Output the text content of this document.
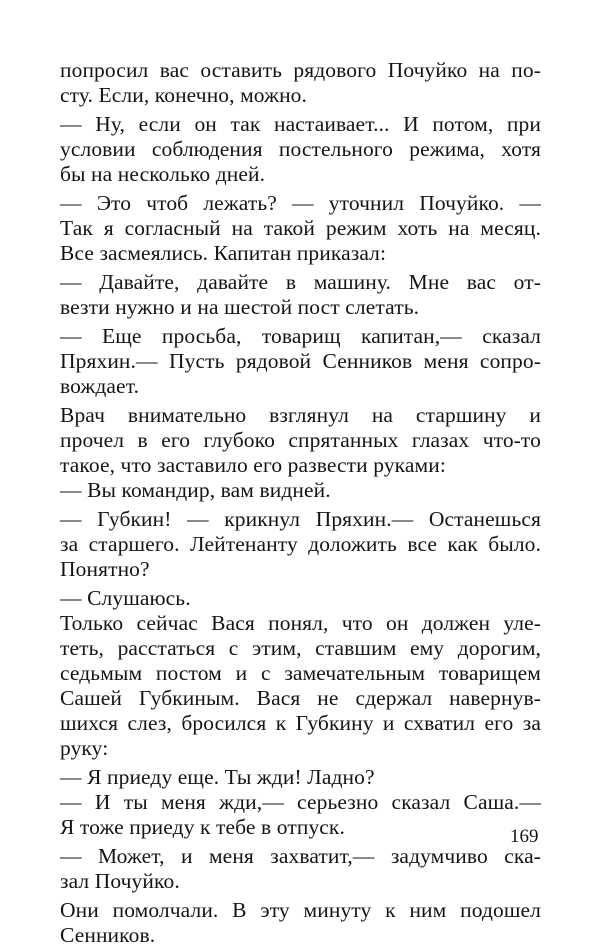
попросил вас оставить рядового Почуйко на по-
сту. Если, конечно, можно.
— Ну, если он так настаивает... И потом, при
условии соблюдения постельного режима, хотя
бы на несколько дней.
— Это чтоб лежать? — уточнил Почуйко. —
Так я согласный на такой режим хоть на месяц.
Все засмеялись. Капитан приказал:
— Давайте, давайте в машину. Мне вас от-
везти нужно и на шестой пост слетать.
— Еще просьба, товарищ капитан,— сказал
Пряхин.— Пусть рядовой Сенников меня сопро-
вождает.
Врач внимательно взглянул на старшину и
прочел в его глубоко спрятанных глазах что-то
такое, что заставило его развести руками:
— Вы командир, вам видней.
— Губкин! — крикнул Пряхин.— Останешься
за старшего. Лейтенанту доложить все как было.
Понятно?
— Слушаюсь.
Только сейчас Вася понял, что он должен уле-
теть, расстаться с этим, ставшим ему дорогим,
седьмым постом и с замечательным товарищем
Сашей Губкиным. Вася не сдержал навернув-
шихся слез, бросился к Губкину и схватил его за
руку:
— Я приеду еще. Ты жди! Ладно?
— И ты меня жди,— серьезно сказал Саша.—
Я тоже приеду к тебе в отпуск.
— Может, и меня захватит,— задумчиво ска-
зал Почуйко.
Они помолчали. В эту минуту к ним подошел
Сенников.
169
